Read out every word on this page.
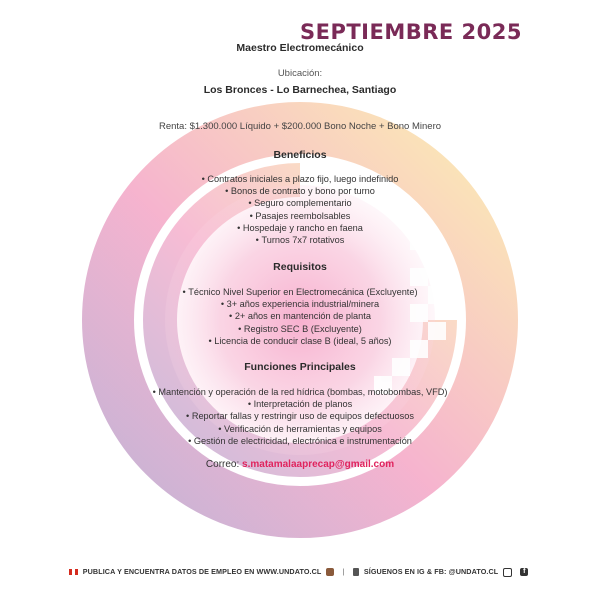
SEPTIEMBRE 2025
Maestro Electromecánico
Ubicación:
Los Bronces - Lo Barnechea, Santiago
Renta: $1.300.000 Líquido + $200.000 Bono Noche + Bono Minero
Beneficios
• Contratos iniciales a plazo fijo, luego indefinido
• Bonos de contrato y bono por turno
• Seguro complementario
• Pasajes reembolsables
• Hospedaje y rancho en faena
• Turnos 7x7 rotativos
Requisitos
• Técnico Nivel Superior en Electromecánica (Excluyente)
• 3+ años experiencia industrial/minera
• 2+ años en mantención de planta
• Registro SEC B (Excluyente)
• Licencia de conducir clase B (ideal, 5 años)
Funciones Principales
• Mantención y operación de la red hídrica (bombas, motobombas, VFD)
• Interpretación de planos
• Reportar fallas y restringir uso de equipos defectuosos
• Verificación de herramientas y equipos
• Gestión de electricidad, electrónica e instrumentación
Correo: s.matamalaaprecap@gmail.com
PUBLICA Y ENCUENTRA DATOS DE EMPLEO EN WWW.UNDATO.CL	|	SÍGUENOS EN IG & FB: @UNDATO.CL	f
